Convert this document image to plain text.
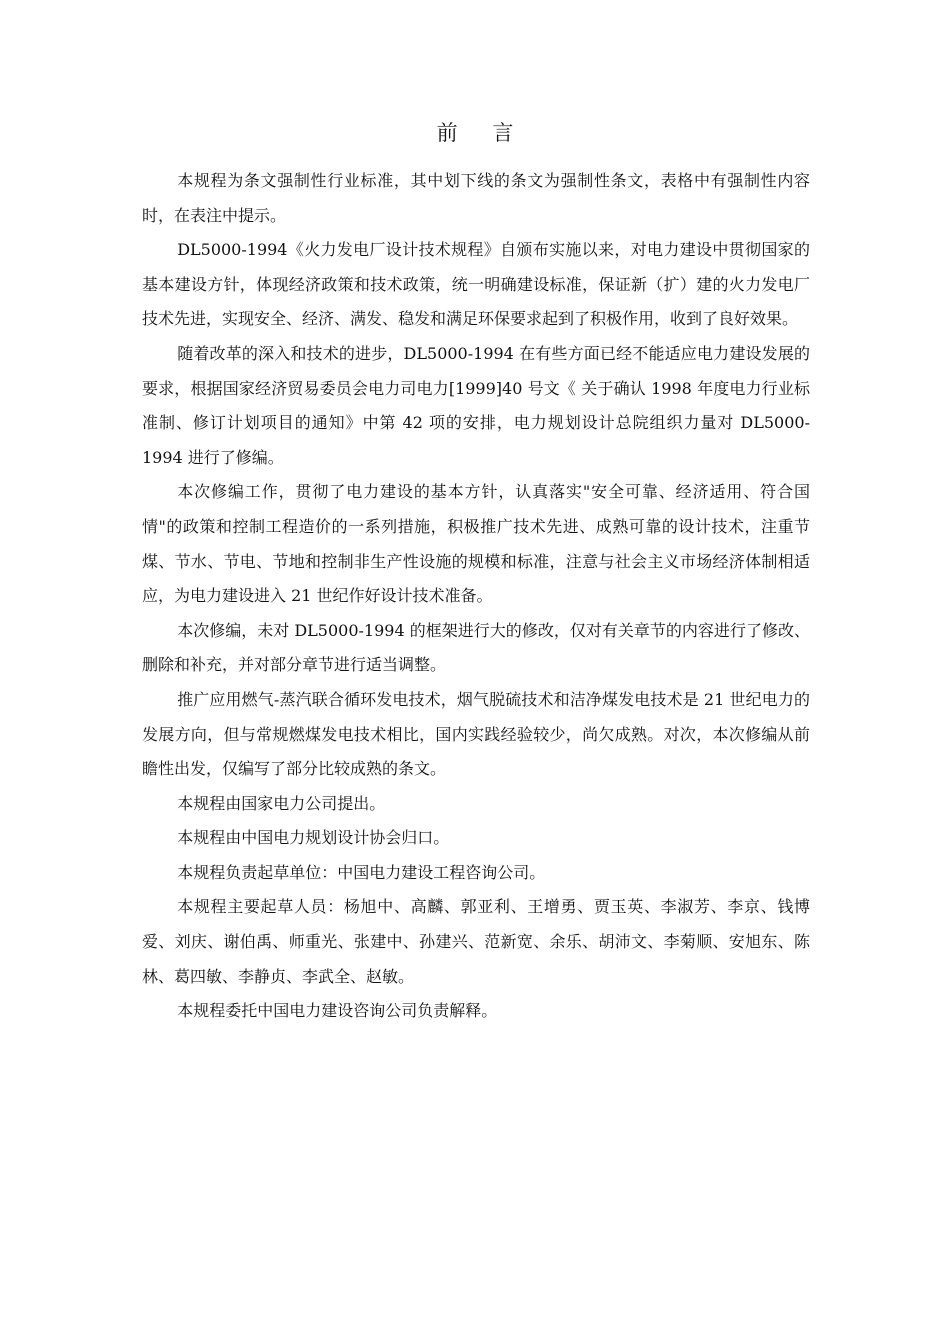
前 言

本规程为条文强制性行业标准，其中划下线的条文为强制性条文，表格中有强制性内容时，在表注中提示。

DL5000-1994《火力发电厂设计技术规程》自颁布实施以来，对电力建设中贯彻国家的基本建设方针，体现经济政策和技术政策，统一明确建设标准，保证新（扩）建的火力发电厂技术先进，实现安全、经济、满发、稳发和满足环保要求起到了积极作用，收到了良好效果。

随着改革的深入和技术的进步，DL5000-1994 在有些方面已经不能适应电力建设发展的要求，根据国家经济贸易委员会电力司电力[1999]40 号文《 关于确认 1998 年度电力行业标准制、修订计划项目的通知》中第 42 项的安排，电力规划设计总院组织力量对 DL5000-1994 进行了修编。

本次修编工作，贯彻了电力建设的基本方针，认真落实"安全可靠、经济适用、符合国情"的政策和控制工程造价的一系列措施，积极推广技术先进、成熟可靠的设计技术，注重节煤、节水、节电、节地和控制非生产性设施的规模和标准，注意与社会主义市场经济体制相适应，为电力建设进入 21 世纪作好设计技术准备。

本次修编，未对 DL5000-1994 的框架进行大的修改，仅对有关章节的内容进行了修改、删除和补充，并对部分章节进行适当调整。

推广应用燃气-蒸汽联合循环发电技术，烟气脱硫技术和洁净煤发电技术是 21 世纪电力的发展方向，但与常规燃煤发电技术相比，国内实践经验较少，尚欠成熟。对次，本次修编从前瞻性出发，仅编写了部分比较成熟的条文。

本规程由国家电力公司提出。

本规程由中国电力规划设计协会归口。

本规程负责起草单位：中国电力建设工程咨询公司。

本规程主要起草人员：杨旭中、高麟、郭亚利、王增勇、贾玉英、李淑芳、李京、钱博爱、刘庆、谢伯禹、师重光、张建中、孙建兴、范新宽、余乐、胡沛文、李菊顺、安旭东、陈林、葛四敏、李静贞、李武全、赵敏。

本规程委托中国电力建设咨询公司负责解释。
